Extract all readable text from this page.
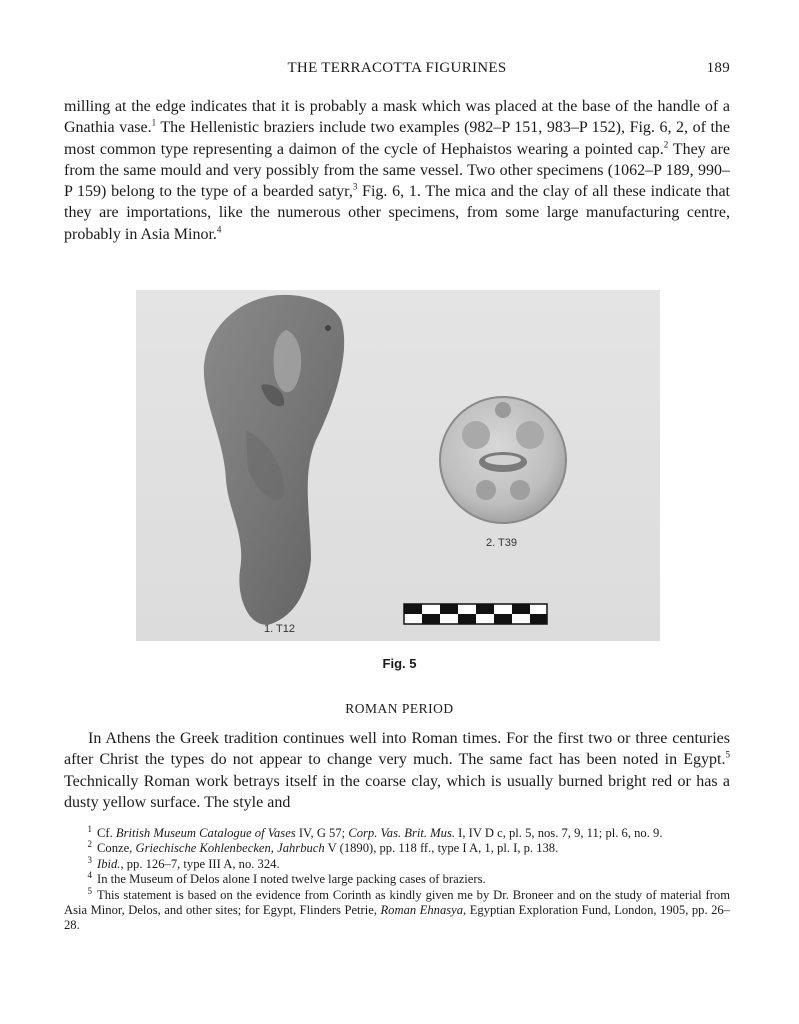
THE TERRACOTTA FIGURINES	189

milling at the edge indicates that it is probably a mask which was placed at the base of the handle of a Gnathia vase.$^1$ The Hellenistic braziers include two examples (982–P 151, 983–P 152), Fig. 6, 2, of the most common type representing a daimon of the cycle of Hephaistos wearing a pointed cap.$^2$ They are from the same mould and very possibly from the same vessel. Two other specimens (1062–P 189, 990–P 159) belong to the type of a bearded satyr,$^3$ Fig. 6, 1. The mica and the clay of all these indicate that they are importations, like the numerous other specimens, from some large manufacturing centre, probably in Asia Minor.$^4$

2. T39
1. T12
Fig. 5
ROMAN PERIOD

In Athens the Greek tradition continues well into Roman times. For the first two or three centuries after Christ the types do not appear to change very much. The same fact has been noted in Egypt.$^5$ Technically Roman work betrays itself in the coarse clay, which is usually burned bright red or has a dusty yellow surface. The style and

$^1$ Cf. British Museum Catalogue of Vases IV, G 57; Corp. Vas. Brit. Mus. I, IV D c, pl. 5, nos. 7, 9, 11; pl. 6, no. 9.

$^2$ Conze, Griechische Kohlenbecken, Jahrbuch V (1890), pp. 118 ff., type I A, 1, pl. I, p. 138.

$^3$ Ibid., pp. 126–7, type III A, no. 324.

$^4$ In the Museum of Delos alone I noted twelve large packing cases of braziers.

$^5$ This statement is based on the evidence from Corinth as kindly given me by Dr. Broneer and on the study of material from Asia Minor, Delos, and other sites; for Egypt, Flinders Petrie, Roman Ehnasya, Egyptian Exploration Fund, London, 1905, pp. 26–28.
